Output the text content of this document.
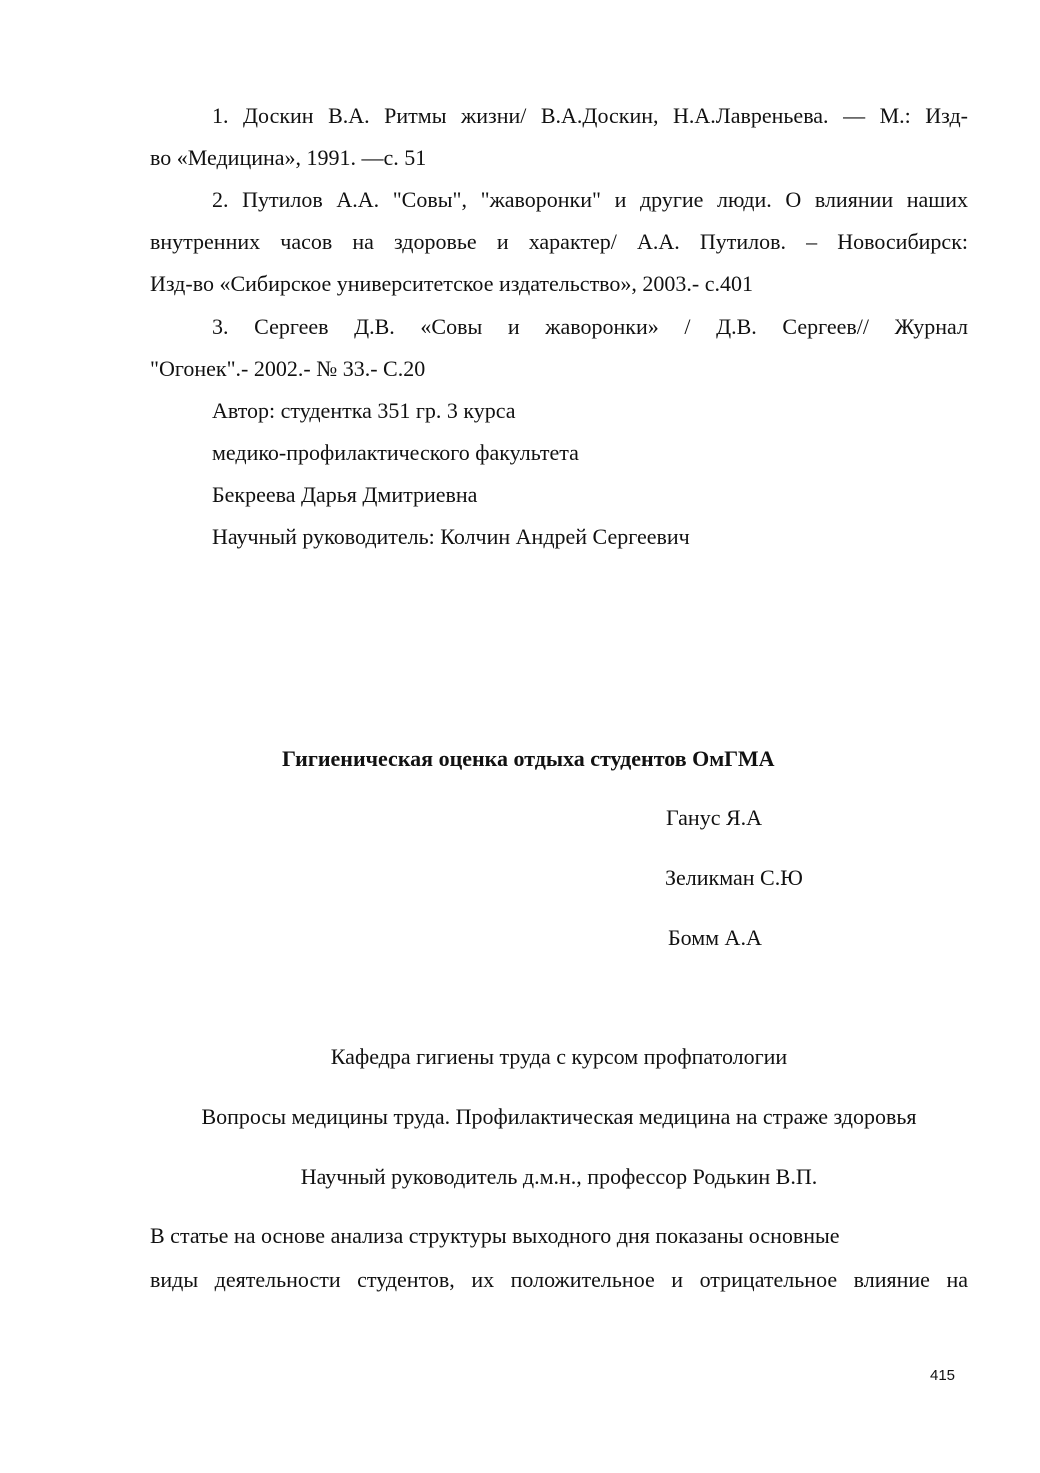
1. Доскин В.А. Ритмы жизни/ В.А.Доскин, Н.А.Лавреньева. — М.: Изд-
во «Медицина», 1991. —с. 51
2. Путилов А.А. "Совы", "жаворонки" и другие люди. О влиянии наших
внутренних часов на здоровье и характер/ А.А. Путилов. – Новосибирск:
Изд-во «Сибирское университетское издательство», 2003.- с.401
3. Сергеев Д.В. «Совы и жаворонки» / Д.В. Сергеев// Журнал
"Огонек".- 2002.- № 33.- С.20
Автор: студентка 351 гр. 3 курса
медико-профилактического факультета
Бекреева Дарья Дмитриевна
Научный руководитель: Колчин Андрей Сергеевич
Гигиеническая оценка отдыха студентов ОмГМА
Ганус Я.А
Зеликман С.Ю
Бомм А.А
Кафедра гигиены труда с курсом профпатологии
Вопросы медицины труда. Профилактическая медицина на страже здоровья
Научный руководитель д.м.н., профессор Родькин В.П.
В статье на основе анализа структуры выходного дня показаны основные
виды деятельности студентов, их положительное и отрицательное влияние на
415
